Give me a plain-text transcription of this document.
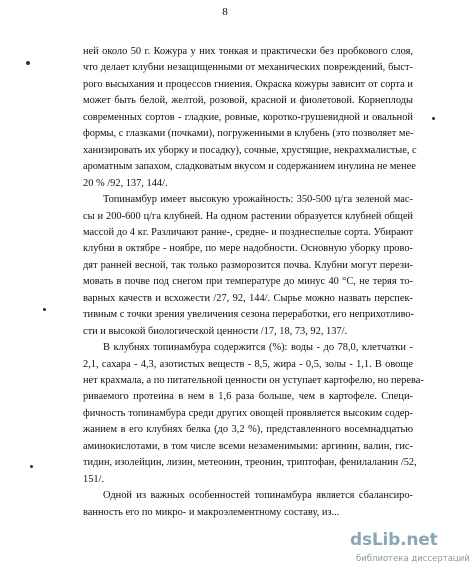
8
ней около 50 г. Кожура у них тонкая и практически без пробкового слоя,
что делает клубни незащищенными от механических повреждений, быст-
рого высыхания и процессов гниения. Окраска кожуры зависит от сорта и
может быть белой, желтой, розовой, красной и фиолетовой. Корнеплоды
современных сортов - гладкие, ровные, коротко-грушевидной и овальной
формы, с глазками (почками), погруженными в клубень (это позволяет ме-
ханизировать их уборку и посадку), сочные, хрустящие, некрахмалистые, с
ароматным запахом, сладковатым вкусом и содержанием инулина не менее
20 % /92, 137, 144/.
Топинамбур имеет высокую урожайность: 350-500 ц/га зеленой мас-
сы и 200-600 ц/га клубней. На одном растении образуется клубней общей
массой до 4 кг. Различают ранне-, средне- и позднеспелые сорта. Убирают
клубни в октябре - ноябре, по мере надобности. Основную уборку прово-
дят ранней весной, так только разморозится почва. Клубни могут перези-
мовать в почве под снегом при температуре до минус 40 °С, не теряя то-
варных качеств и всхожести /27, 92, 144/. Сырье можно назвать перспек-
тивным с точки зрения увеличения сезона переработки, его неприхотливо-
сти и высокой биологической ценности /17, 18, 73, 92, 137/.
В клубнях топинамбура содержится (%): воды - до 78,0, клетчатки -
2,1, сахара - 4,3, азотистых веществ - 8,5, жира - 0,5, золы - 1,1. В овоще
нет крахмала, а по питательной ценности он уступает картофелю, но перева-
риваемого протеина в нем в 1,6 раза больше, чем в картофеле. Специ-
фичность топинамбура среди других овощей проявляется высоким содер-
жанием в его клубнях белка (до 3,2 %), представленного восемнадцатью
аминокислотами, в том числе всеми незаменимыми: аргинин, валин, гис-
тидин, изолейцин, лизин, метеонин, треонин, триптофан, фенилаланин /52,
151/.
Одной из важных особенностей топинамбура является сбалансиро-
ванность его по микро- и макроэлементному составу, из...
dsLib.net
библиотека диссертаций
